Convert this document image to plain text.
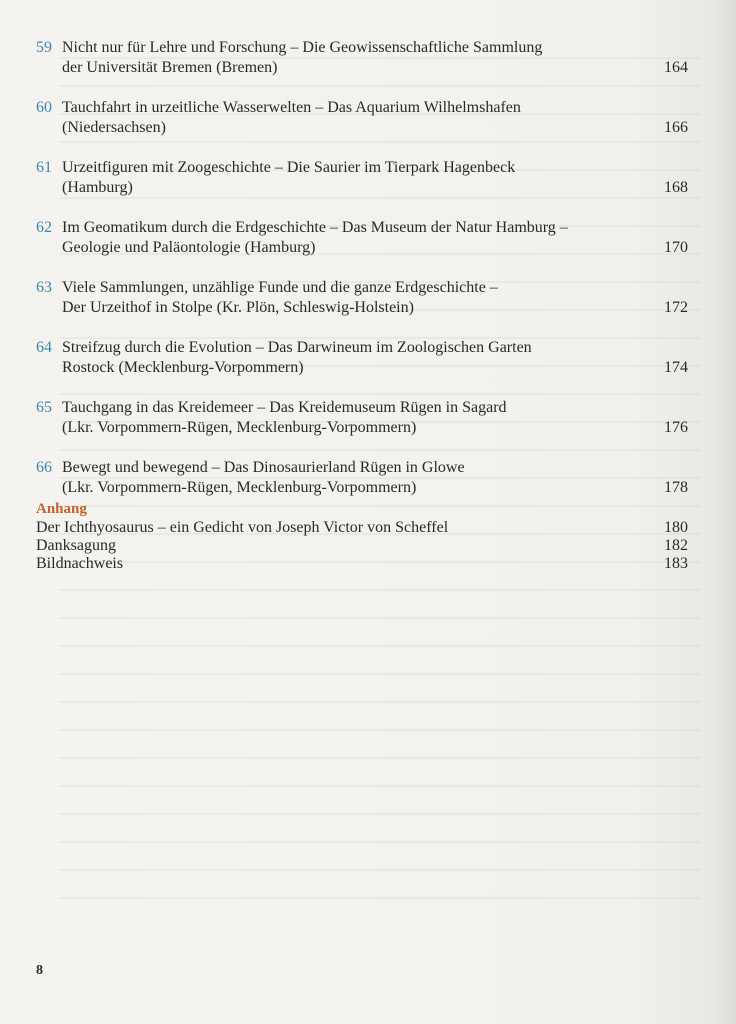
59 Nicht nur für Lehre und Forschung – Die Geowissenschaftliche Sammlung
der Universität Bremen (Bremen)	164
60 Tauchfahrt in urzeitliche Wasserwelten – Das Aquarium Wilhelmshafen
(Niedersachsen)	166
61 Urzeitfiguren mit Zoogeschichte – Die Saurier im Tierpark Hagenbeck
(Hamburg)	168
62 Im Geomatikum durch die Erdgeschichte – Das Museum der Natur Hamburg –
Geologie und Paläontologie (Hamburg)	170
63 Viele Sammlungen, unzählige Funde und die ganze Erdgeschichte –
Der Urzeithof in Stolpe (Kr. Plön, Schleswig-Holstein)	172
64 Streifzug durch die Evolution – Das Darwineum im Zoologischen Garten
Rostock (Mecklenburg-Vorpommern)	174
65 Tauchgang in das Kreidemeer – Das Kreidemuseum Rügen in Sagard
(Lkr. Vorpommern-Rügen, Mecklenburg-Vorpommern)	176
66 Bewegt und bewegend – Das Dinosaurierland Rügen in Glowe
(Lkr. Vorpommern-Rügen, Mecklenburg-Vorpommern)	178
Anhang
Der Ichthyosaurus – ein Gedicht von Joseph Victor von Scheffel	180
Danksagung	182
Bildnachweis	183
8
